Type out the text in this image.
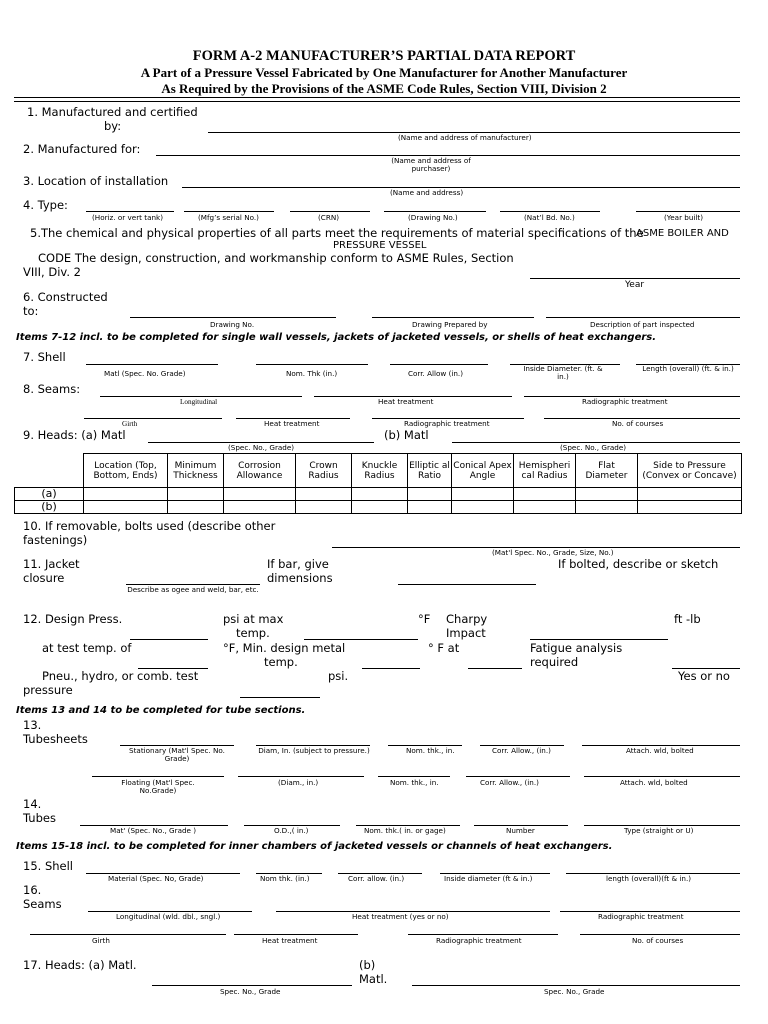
FORM A-2 MANUFACTURER’S PARTIAL DATA REPORT
A Part of a Pressure Vessel Fabricated by One Manufacturer for Another Manufacturer
As Required by the Provisions of the ASME Code Rules, Section VIII, Division 2
1. Manufactured and certified
by:
(Name and address of manufacturer)
2. Manufactured for:
(Name and address of purchaser)
3. Location of installation
(Name and address)
4. Type:
(Horiz. or vert tank)	(Mfg’s serial No.)	(CRN)	(Drawing No.)	(Nat’l Bd. No.)	(Year built)
5.The chemical and physical properties of all parts meet the requirements of material specifications of the
ASME BOILER AND
PRESSURE VESSEL
CODE The design, construction, and workmanship conform to ASME Rules, Section
VIII, Div. 2
Year
6. Constructed
to:
Drawing No.	Drawing Prepared by	Description of part inspected
Items 7-12 incl. to be completed for single wall vessels, jackets of jacketed vessels, or shells of heat exchangers.
7. Shell
Matl (Spec. No. Grade)	Nom. Thk (in.)	Corr. Allow (in.)
Inside Diameter. (ft. & in.)
Length (overall) (ft. & in.)
8. Seams:
Longitudinal	Heat treatment	Radiographic treatment
Girth	Heat treatment	Radiographic treatment	No. of courses
9. Heads: (a) Matl	(b) Matl
(Spec. No., Grade)	(Spec. No., Grade)
	Location (Top, Bottom, Ends)	Minimum Thickness	Corrosion Allowance	Crown Radius	Knuckle Radius	Elliptic al Ratio	Conical Apex Angle	Hemispheri cal Radius	Flat Diameter	Side to Pressure (Convex or Concave)
(a)										
(b)										
10. If removable, bolts used (describe other
fastenings)
(Mat'l Spec. No., Grade, Size, No.)
11. Jacket
closure
Describe as ogee and weld, bar, etc.
If bar, give
dimensions
If bolted, describe or sketch
12. Design Press.	psi at max
temp.
°F Charpy
Impact
ft -lb
at test temp. of	°F, Min. design metal
temp.
° F at	Fatigue analysis
required
Pneu., hydro, or comb. test
pressure
psi.	Yes or no
Items 13 and 14 to be completed for tube sections.
13.
Tubesheets
Stationary (Mat'l Spec. No. Grade)
Diam, In. (subject to pressure.)	Nom. thk., in.	Corr. Allow., (in.)	Attach. wld, bolted
Floating (Mat'l Spec. No.Grade)
(Diam., in.)	Nom. thk., in.	Corr. Allow., (in.)	Attach. wld, bolted
14.
Tubes
Mat' (Spec. No., Grade )	O.D.,( in.)	Nom. thk.( in. or gage)	Number	Type (straight or U)
Items 15-18 incl. to be completed for inner chambers of jacketed vessels or channels of heat exchangers.
15. Shell
Material (Spec. No, Grade)	Nom thk. (in.)	Corr. allow. (in.)	Inside diameter (ft & in.)	length (overall)(ft & in.)
16.
Seams
Longitudinal (wld. dbl., sngl.)	Heat treatment (yes or no)	Radiographic treatment
Girth	Heat treatment	Radiographic treatment	No. of courses
17. Heads: (a) Matl.	(b)
Matl.
Spec. No., Grade	Spec. No., Grade
